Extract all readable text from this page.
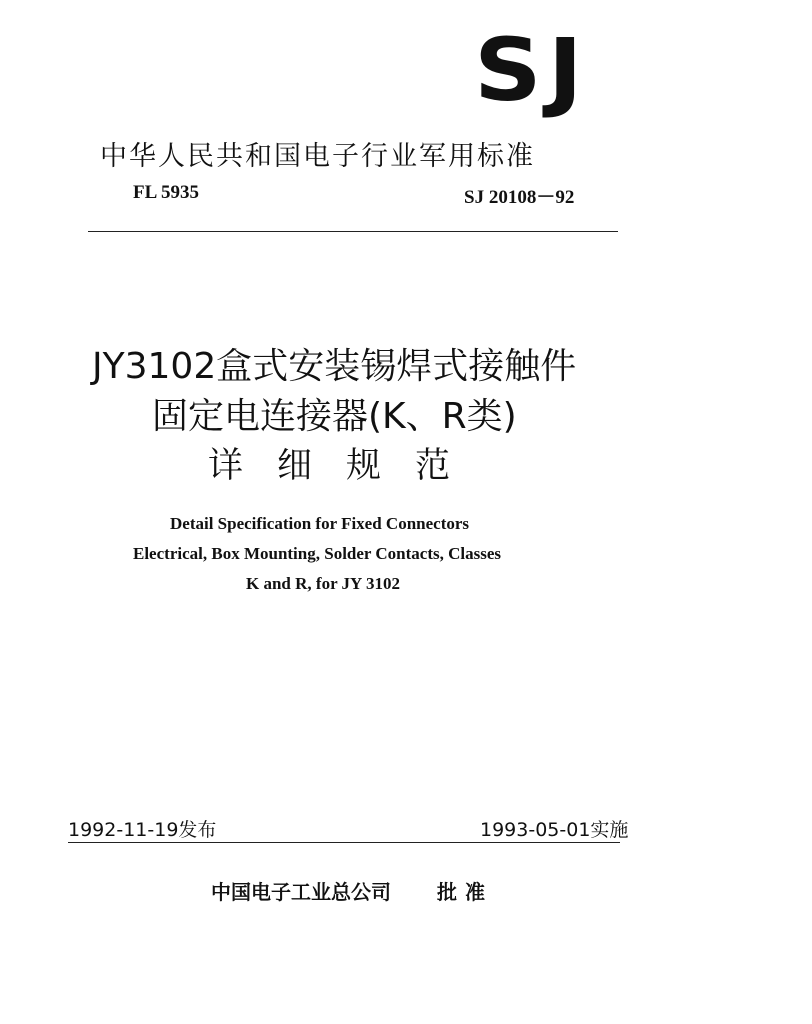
SJ
中华人民共和国电子行业军用标准
FL 5935	SJ 20108－92
JY3102盒式安装锡焊式接触件
固定电连接器(K、R类)
详细规范
Detail Specification for Fixed Connectors
Electrical, Box Mounting, Solder Contacts, Classes
K and R, for JY 3102
1992-11-19发布	1993-05-01实施
中国电子工业总公司 批准
